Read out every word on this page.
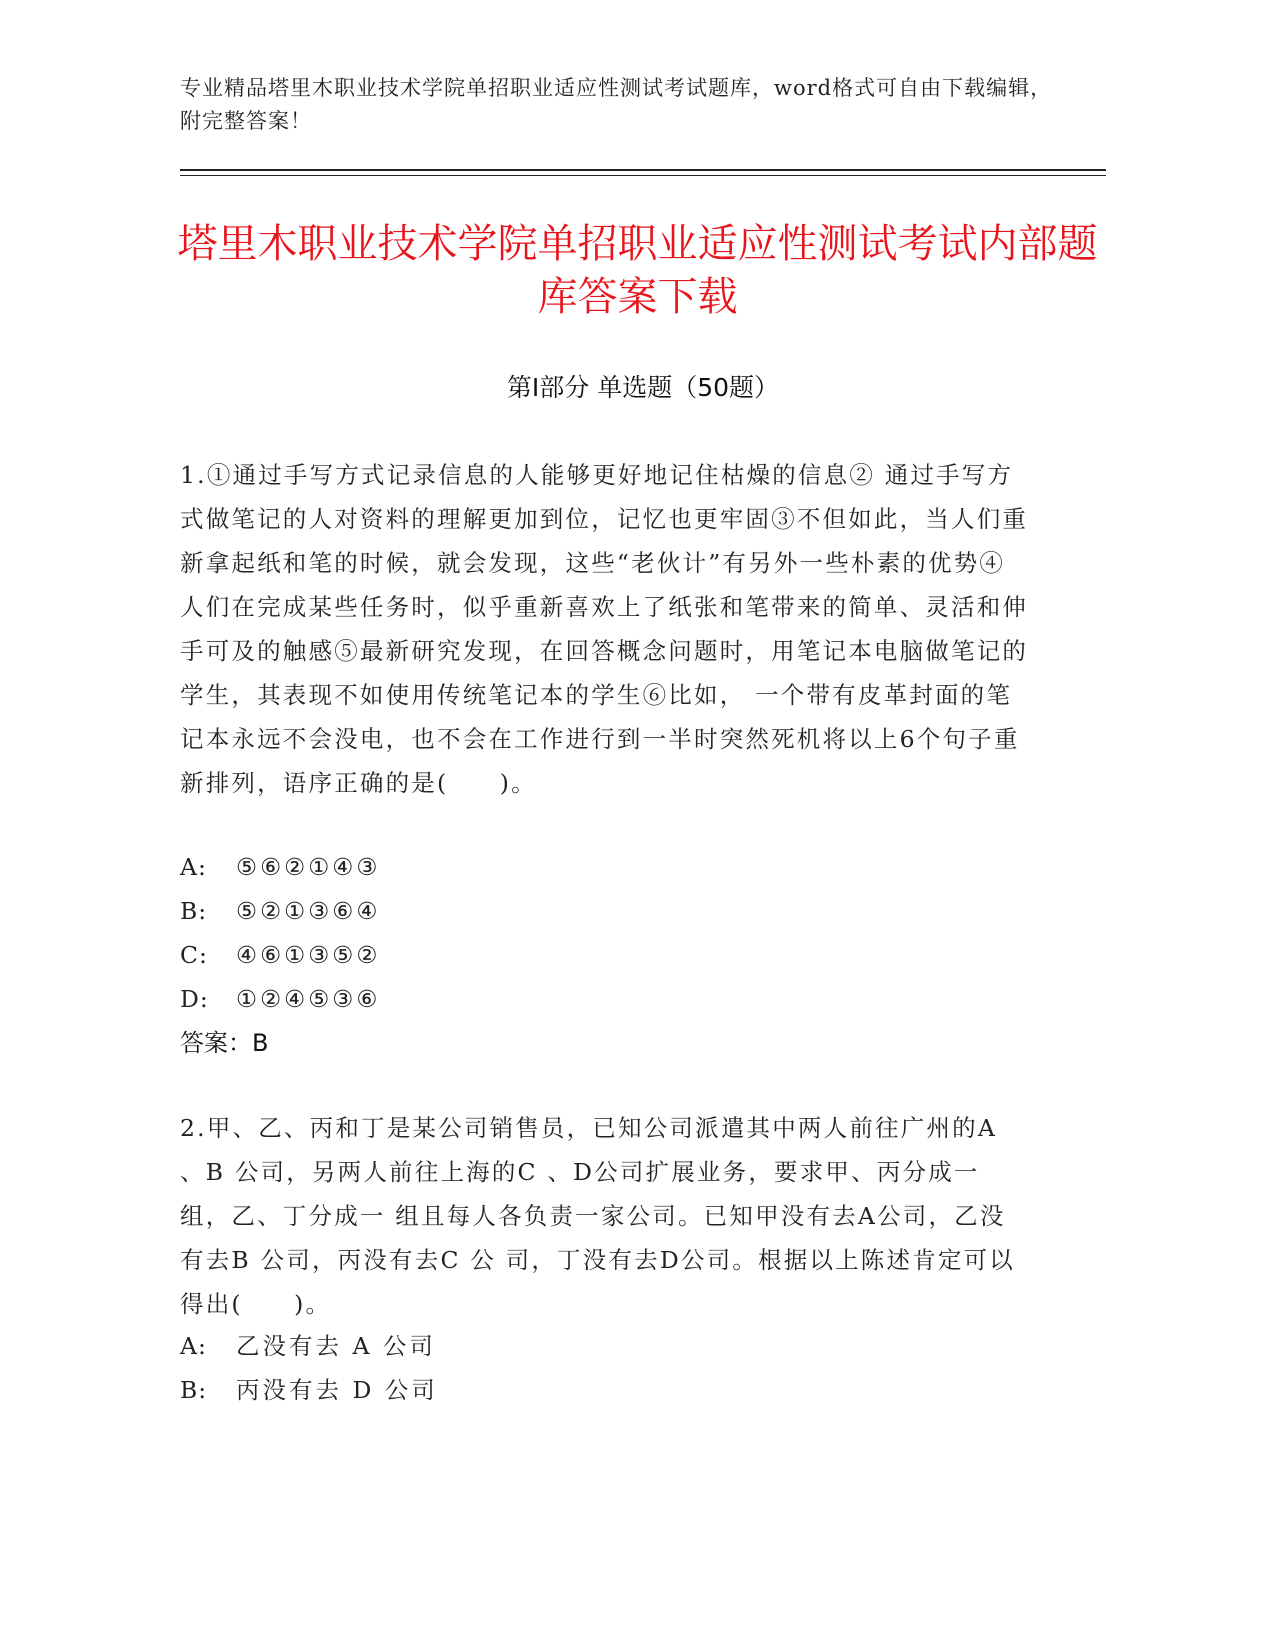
专业精品塔里木职业技术学院单招职业适应性测试考试题库，word格式可自由下载编辑，附完整答案！
塔里木职业技术学院单招职业适应性测试考试内部题库答案下载
第Ⅰ部分 单选题（50题）
1.①通过手写方式记录信息的人能够更好地记住枯燥的信息② 通过手写方式做笔记的人对资料的理解更加到位，记忆也更牢固③不但如此，当人们重新拿起纸和笔的时候，就会发现，这些“老伙计”有另外一些朴素的优势④人们在完成某些任务时，似乎重新喜欢上了纸张和笔带来的简单、灵活和伸手可及的触感⑤最新研究发现，在回答概念问题时，用笔记本电脑做笔记的学生，其表现不如使用传统笔记本的学生⑥比如， 一个带有皮革封面的笔记本永远不会没电，也不会在工作进行到一半时突然死机将以上6个句子重新排列，语序正确的是(　　)。
A:	⑤⑥②①④③
B:	⑤②①③⑥④
C:	④⑥①③⑤②
D:	①②④⑤③⑥
答案：B
2.甲、乙、丙和丁是某公司销售员，已知公司派遣其中两人前往广州的A 、B 公司，另两人前往上海的C 、D公司扩展业务，要求甲、丙分成一组，乙、丁分成一 组且每人各负责一家公司。已知甲没有去A公司，乙没有去B 公司，丙没有去C 公 司，丁没有去D公司。根据以上陈述肯定可以得出(　　)。
A:	乙没有去 A 公司
B:	丙没有去 D 公司
